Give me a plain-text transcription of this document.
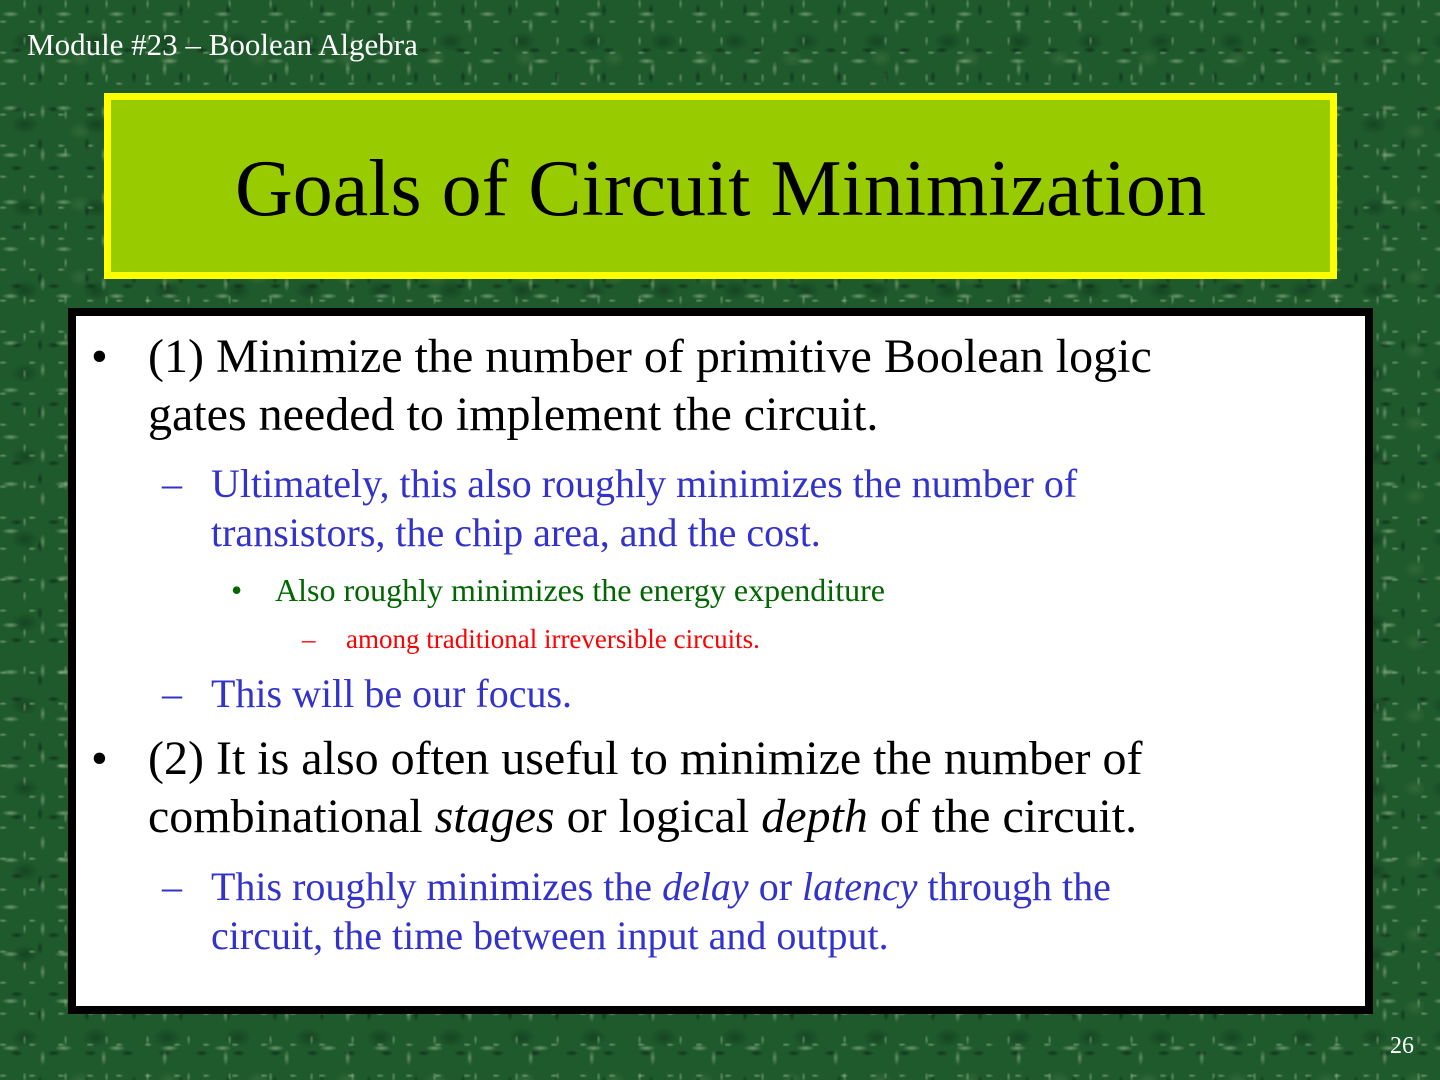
Module #23 – Boolean Algebra
Goals of Circuit Minimization
• (1) Minimize the number of primitive Boolean logic
gates needed to implement the circuit.
– Ultimately, this also roughly minimizes the number of
transistors, the chip area, and the cost.
• Also roughly minimizes the energy expenditure
– among traditional irreversible circuits.
– This will be our focus.
• (2) It is also often useful to minimize the number of
combinational stages or logical depth of the circuit.
– This roughly minimizes the delay or latency through the
circuit, the time between input and output.
26
